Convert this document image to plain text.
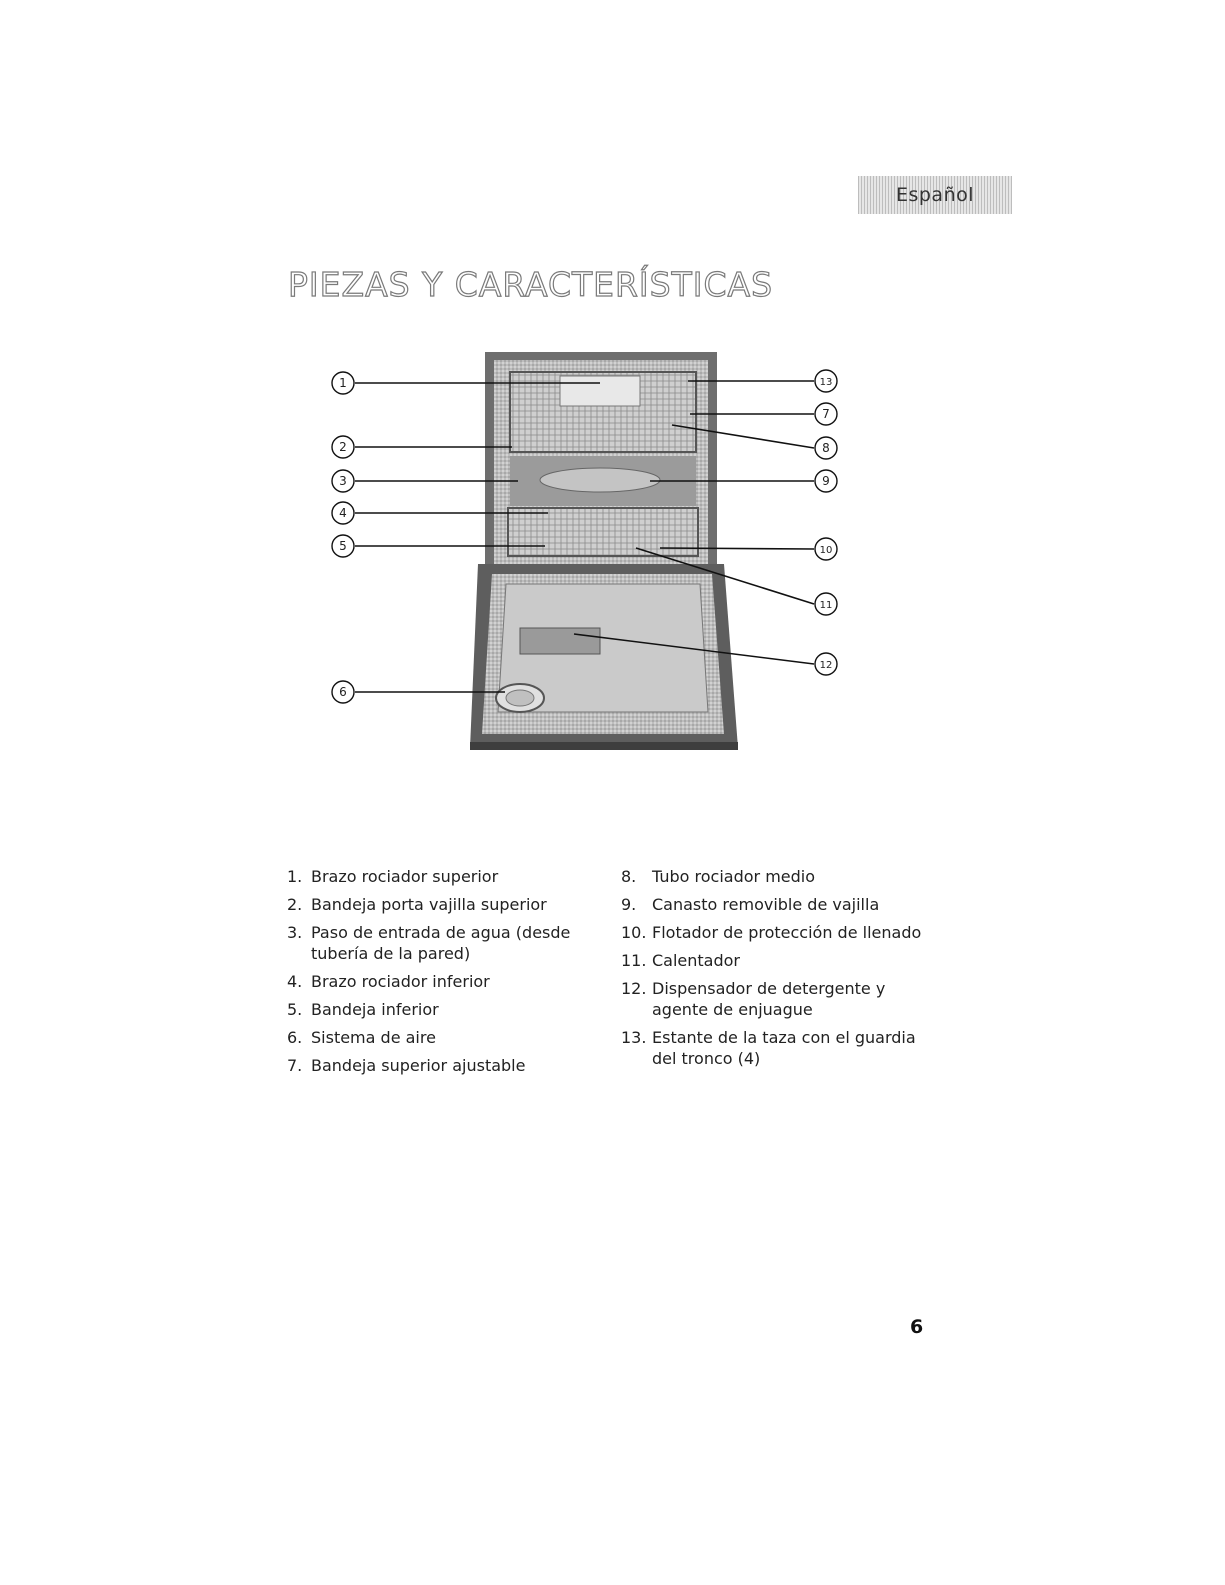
Español
PIEZAS Y CARACTERÍSTICAS
1
2
3
4
5
6
7
8
9
10
11
12
13
1. Brazo rociador superior
2. Bandeja porta vajilla superior
3. Paso de entrada de agua (desde tubería de la pared)
4. Brazo rociador inferior
5. Bandeja inferior
6. Sistema de aire
7. Bandeja superior ajustable
8. Tubo rociador medio
9. Canasto removible de vajilla
10. Flotador de protección de llenado
11. Calentador
12. Dispensador de detergente y agente de enjuague
13. Estante de la taza con el guardia del tronco (4)
6
